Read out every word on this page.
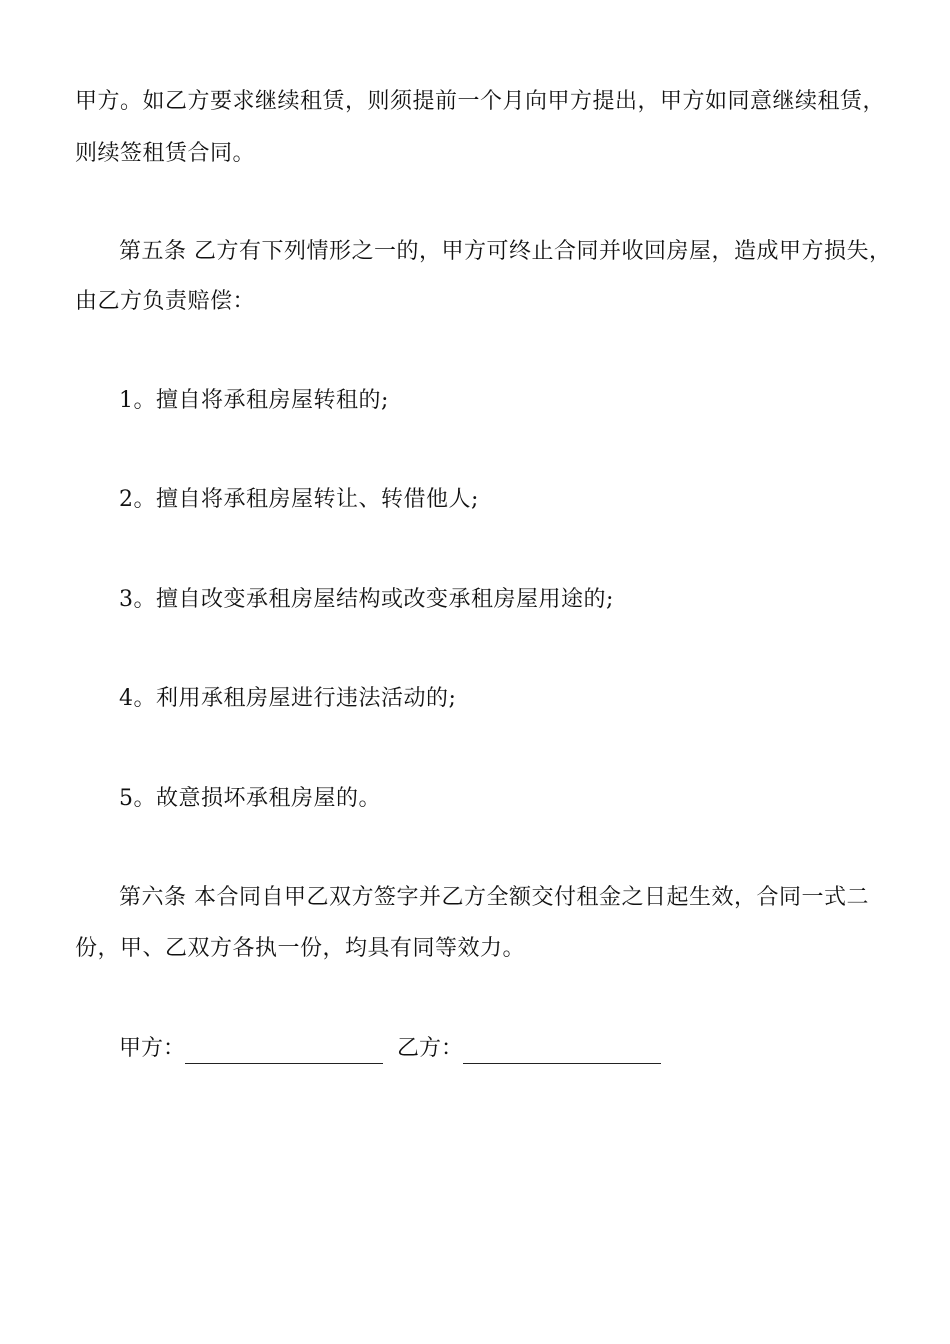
甲方。如乙方要求继续租赁，则须提前一个月向甲方提出，甲方如同意继续租赁，
则续签租赁合同。
第五条 乙方有下列情形之一的，甲方可终止合同并收回房屋，造成甲方损失，
由乙方负责赔偿：
1。擅自将承租房屋转租的;
2。擅自将承租房屋转让、转借他人;
3。擅自改变承租房屋结构或改变承租房屋用途的;
4。利用承租房屋进行违法活动的;
5。故意损坏承租房屋的。
第六条 本合同自甲乙双方签字并乙方全额交付租金之日起生效，合同一式二
份，甲、乙双方各执一份，均具有同等效力。
甲方：	乙方：
